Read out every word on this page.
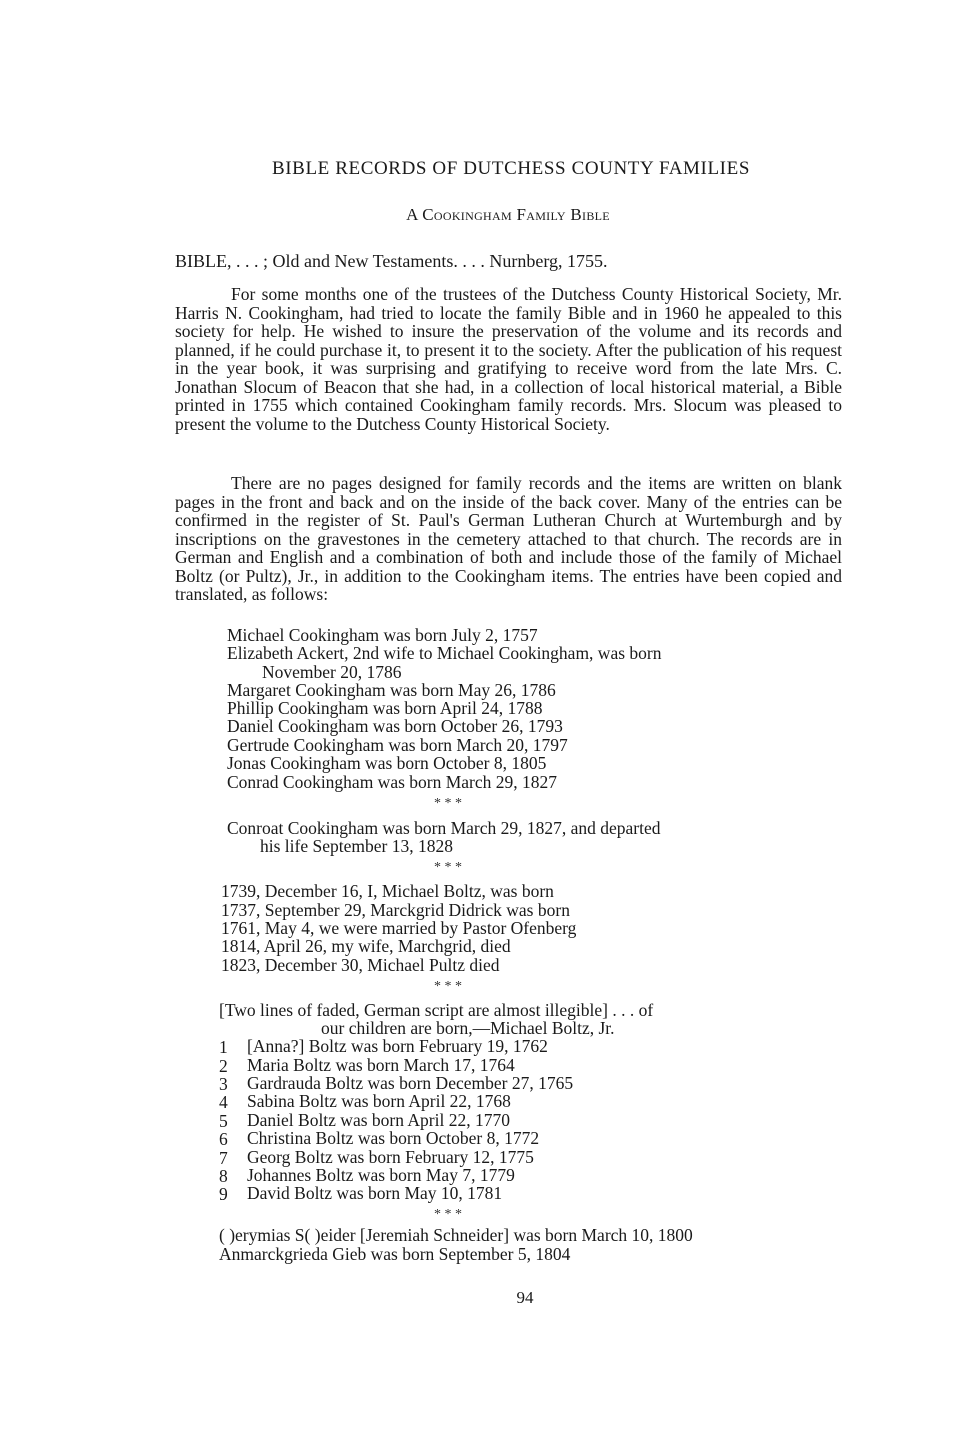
BIBLE RECORDS OF DUTCHESS COUNTY FAMILIES
A Cookingham Family Bible
BIBLE, . . . ; Old and New Testaments. . . . Nurnberg, 1755.
For some months one of the trustees of the Dutchess County Historical Society, Mr. Harris N. Cookingham, had tried to locate the family Bible and in 1960 he appealed to this society for help. He wished to insure the preservation of the volume and its records and planned, if he could purchase it, to present it to the society. After the publication of his request in the year book, it was surprising and gratifying to receive word from the late Mrs. C. Jonathan Slocum of Beacon that she had, in a collection of local historical material, a Bible printed in 1755 which contained Cookingham family records. Mrs. Slocum was pleased to present the volume to the Dutchess County Historical Society.
There are no pages designed for family records and the items are written on blank pages in the front and back and on the inside of the back cover. Many of the entries can be confirmed in the register of St. Paul's German Lutheran Church at Wurtemburgh and by inscriptions on the gravestones in the cemetery attached to that church. The records are in German and English and a combination of both and include those of the family of Michael Boltz (or Pultz), Jr., in addition to the Cookingham items. The entries have been copied and translated, as follows:
Michael Cookingham was born July 2, 1757
Elizabeth Ackert, 2nd wife to Michael Cookingham, was born
November 20, 1786
Margaret Cookingham was born May 26, 1786
Phillip Cookingham was born April 24, 1788
Daniel Cookingham was born October 26, 1793
Gertrude Cookingham was born March 20, 1797
Jonas Cookingham was born October 8, 1805
Conrad Cookingham was born March 29, 1827
* * *
Conroat Cookingham was born March 29, 1827, and departed
his life September 13, 1828
* * *
1739, December 16, I, Michael Boltz, was born
1737, September 29, Marckgrid Didrick was born
1761, May 4, we were married by Pastor Ofenberg
1814, April 26, my wife, Marchgrid, died
1823, December 30, Michael Pultz died
* * *
[Two lines of faded, German script are almost illegible] . . . of
our children are born,—Michael Boltz, Jr.
1	[Anna?] Boltz was born February 19, 1762
2	Maria Boltz was born March 17, 1764
3	Gardrauda Boltz was born December 27, 1765
4	Sabina Boltz was born April 22, 1768
5	Daniel Boltz was born April 22, 1770
6	Christina Boltz was born October 8, 1772
7	Georg Boltz was born February 12, 1775
8	Johannes Boltz was born May 7, 1779
9	David Boltz was born May 10, 1781
* * *
( )erymias S( )eider [Jeremiah Schneider] was born March 10, 1800
Anmarckgrieda Gieb was born September 5, 1804
94
